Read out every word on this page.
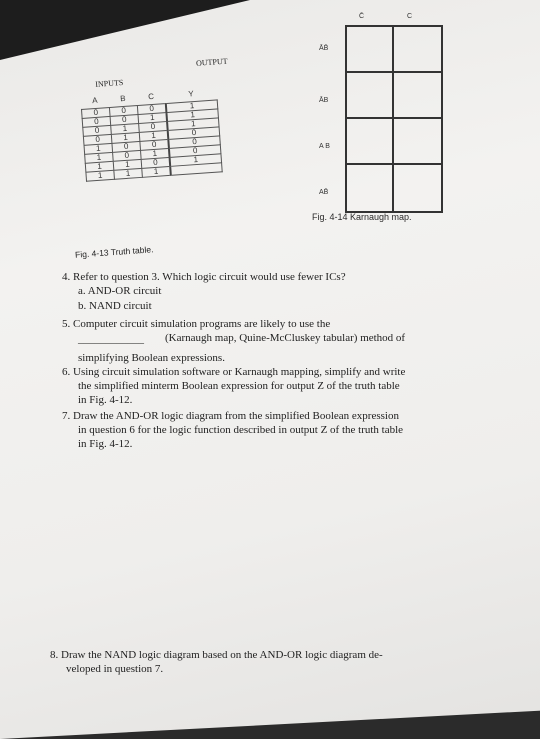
INPUTS
OUTPUT
A	B	C	Y
0	0	0	1
0	0	1	1
0	1	0	1
0	1	1	0
1	0	0	0
1	0	1	0
1	1	0	1
1	1	1	
Fig. 4-13 Truth table.
C̄	C
ĀB̄
ĀB
A B
AB̄
Fig. 4-14 Karnaugh map.
4. Refer to question 3. Which logic circuit would use fewer ICs?
a. AND-OR circuit
b. NAND circuit
5. Computer circuit simulation programs are likely to use the
____________ (Karnaugh map, Quine-McCluskey tabular) method of
simplifying Boolean expressions.
6. Using circuit simulation software or Karnaugh mapping, simplify and write
the simplified minterm Boolean expression for output Z of the truth table
in Fig. 4-12.
7. Draw the AND-OR logic diagram from the simplified Boolean expression
in question 6 for the logic function described in output Z of the truth table
in Fig. 4-12.
8. Draw the NAND logic diagram based on the AND-OR logic diagram de-
veloped in question 7.
